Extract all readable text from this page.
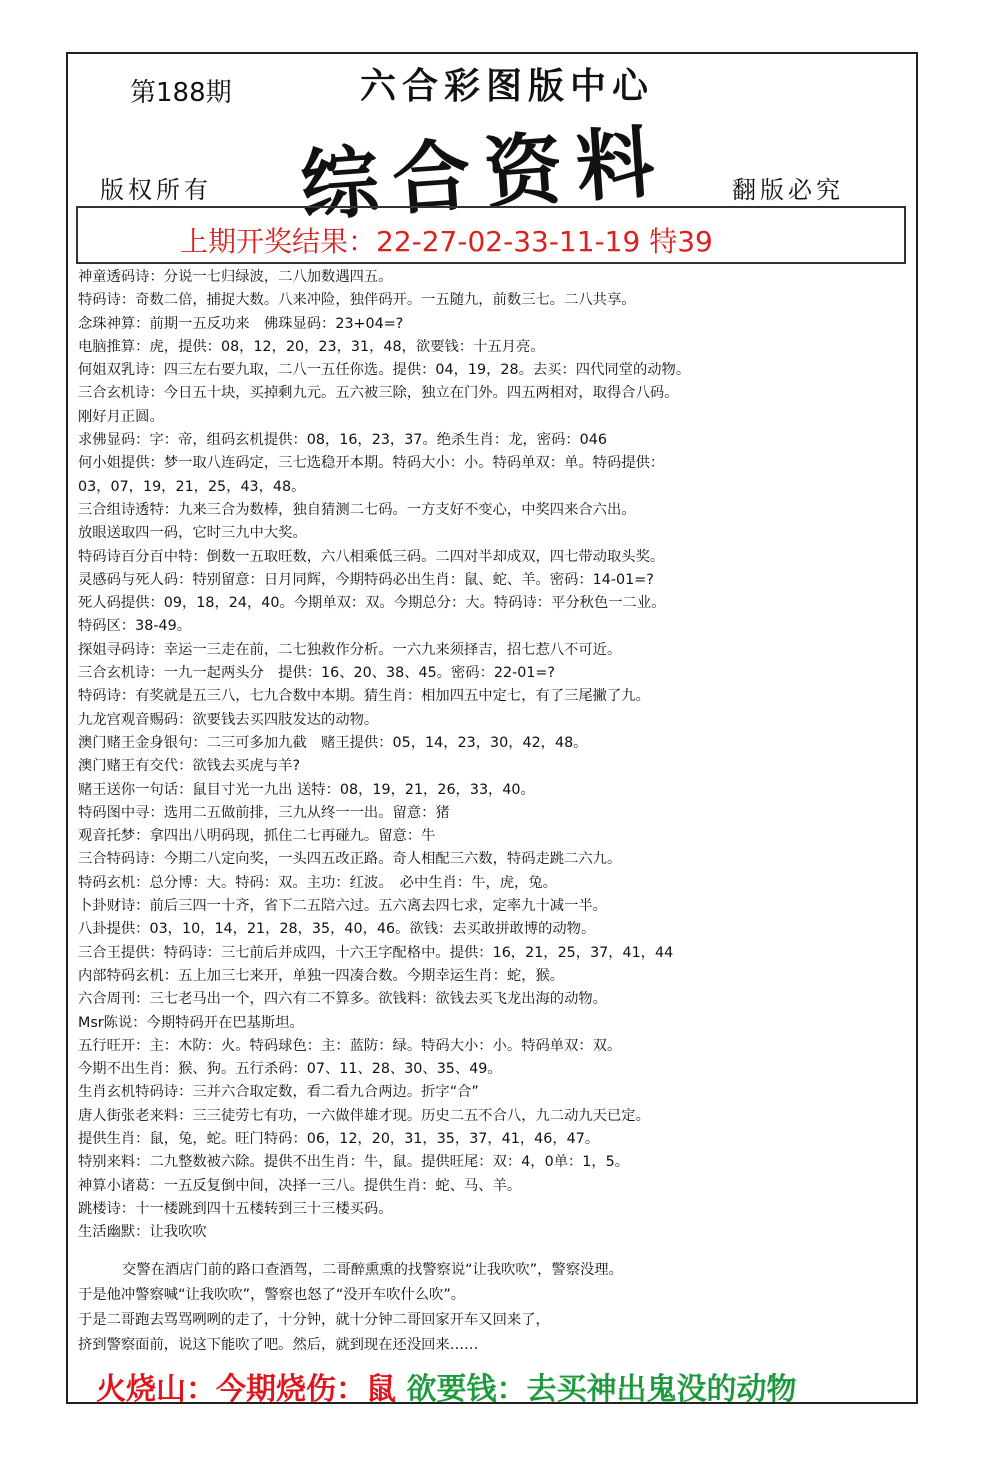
第188期	六合彩图版中心
综合资料
版权所有	翻版必究
上期开奖结果：22-27-02-33-11-19 特39
神童透码诗：分说一七归绿波，二八加数遇四五。
特码诗：奇数二倍，捕捉大数。八来冲险，独伴码开。一五随九，前数三七。二八共享。
念珠神算：前期一五反功来　佛珠显码：23+04=?
电脑推算：虎，提供：08，12，20，23，31，48，欲要钱：十五月亮。
何姐双乳诗：四三左右要九取，二八一五任你选。提供：04，19，28。去买：四代同堂的动物。
三合玄机诗：今日五十块，买掉剩九元。五六被三除，独立在门外。四五两相对，取得合八码。
刚好月正圆。
求佛显码：字：帝，组码玄机提供：08，16，23，37。绝杀生肖：龙，密码：046
何小姐提供：梦一取八连码定，三七选稳开本期。特码大小：小。特码单双：单。特码提供：
03，07，19，21，25，43，48。
三合组诗透特：九来三合为数棒，独自猜测二七码。一方支好不变心，中奖四来合六出。
放眼送取四一码，它时三九中大奖。
特码诗百分百中特：倒数一五取旺数，六八相乘低三码。二四对半却成双，四七带动取头奖。
灵感码与死人码：特别留意：日月同辉，今期特码必出生肖：鼠、蛇、羊。密码：14-01=?
死人码提供：09，18，24，40。今期单双：双。今期总分：大。特码诗：平分秋色一二业。
特码区：38-49。
探姐寻码诗：幸运一三走在前，二七独救作分析。一六九来须择吉，招七惹八不可近。
三合玄机诗：一九一起两头分　提供：16、20、38、45。密码：22-01=?
特码诗：有奖就是五三八，七九合数中本期。猜生肖：相加四五中定七，有了三尾撇了九。
九龙宫观音赐码：欲要钱去买四肢发达的动物。
澳门赌王金身银句：二三可多加九截　赌王提供：05，14，23，30，42，48。
澳门赌王有交代：欲钱去买虎与羊?
赌王送你一句话：鼠目寸光一九出 送特：08，19，21，26，33，40。
特码图中寻：选用二五做前排，三九从终一一出。留意：猪
观音托梦：拿四出八明码现，抓住二七再碰九。留意：牛
三合特码诗：今期二八定向奖，一头四五改正路。奇人相配三六数，特码走跳二六九。
特码玄机：总分博：大。特码：双。主功：红波。　必中生肖：牛，虎，兔。
卜卦财诗：前后三四一十齐，省下二五陪六过。五六离去四七求，定率九十减一半。
八卦提供：03，10，14，21，28，35，40，46。欲钱：去买敢拼敢博的动物。
三合王提供：特码诗：三七前后并成四，十六王字配格中。提供：16，21，25，37，41，44
内部特码玄机：五上加三七来开，单独一四凑合数。今期幸运生肖：蛇，猴。
六合周刊：三七老马出一个，四六有二不算多。欲钱料：欲钱去买飞龙出海的动物。
Msr陈说：今期特码开在巴基斯坦。
五行旺开：主：木防：火。特码球色：主：蓝防：绿。特码大小：小。特码单双：双。
今期不出生肖：猴、狗。五行杀码：07、11、28、30、35、49。
生肖玄机特码诗：三并六合取定数，看二看九合两边。折字“合”
唐人街张老来料：三三徒劳七有功，一六做伴雄才现。历史二五不合八，九二动九天已定。
提供生肖：鼠，兔，蛇。旺门特码：06，12，20，31，35，37，41，46，47。
特别来料：二九整数被六除。提供不出生肖：牛，鼠。提供旺尾：双：4，0单：1，5。
神算小诸葛：一五反复倒中间，决择一三八。提供生肖：蛇、马、羊。
跳楼诗：十一楼跳到四十五楼转到三十三楼买码。
生活幽默：让我吹吹
交警在酒店门前的路口查酒驾，二哥醉熏熏的找警察说“让我吹吹”，警察没理。
于是他冲警察喊“让我吹吹”，警察也怒了“没开车吹什么吹”。
于是二哥跑去骂骂咧咧的走了，十分钟，就十分钟二哥回家开车又回来了，
挤到警察面前，说这下能吹了吧。然后，就到现在还没回来……
火烧山：今期烧伤：鼠 欲要钱：去买神出鬼没的动物
